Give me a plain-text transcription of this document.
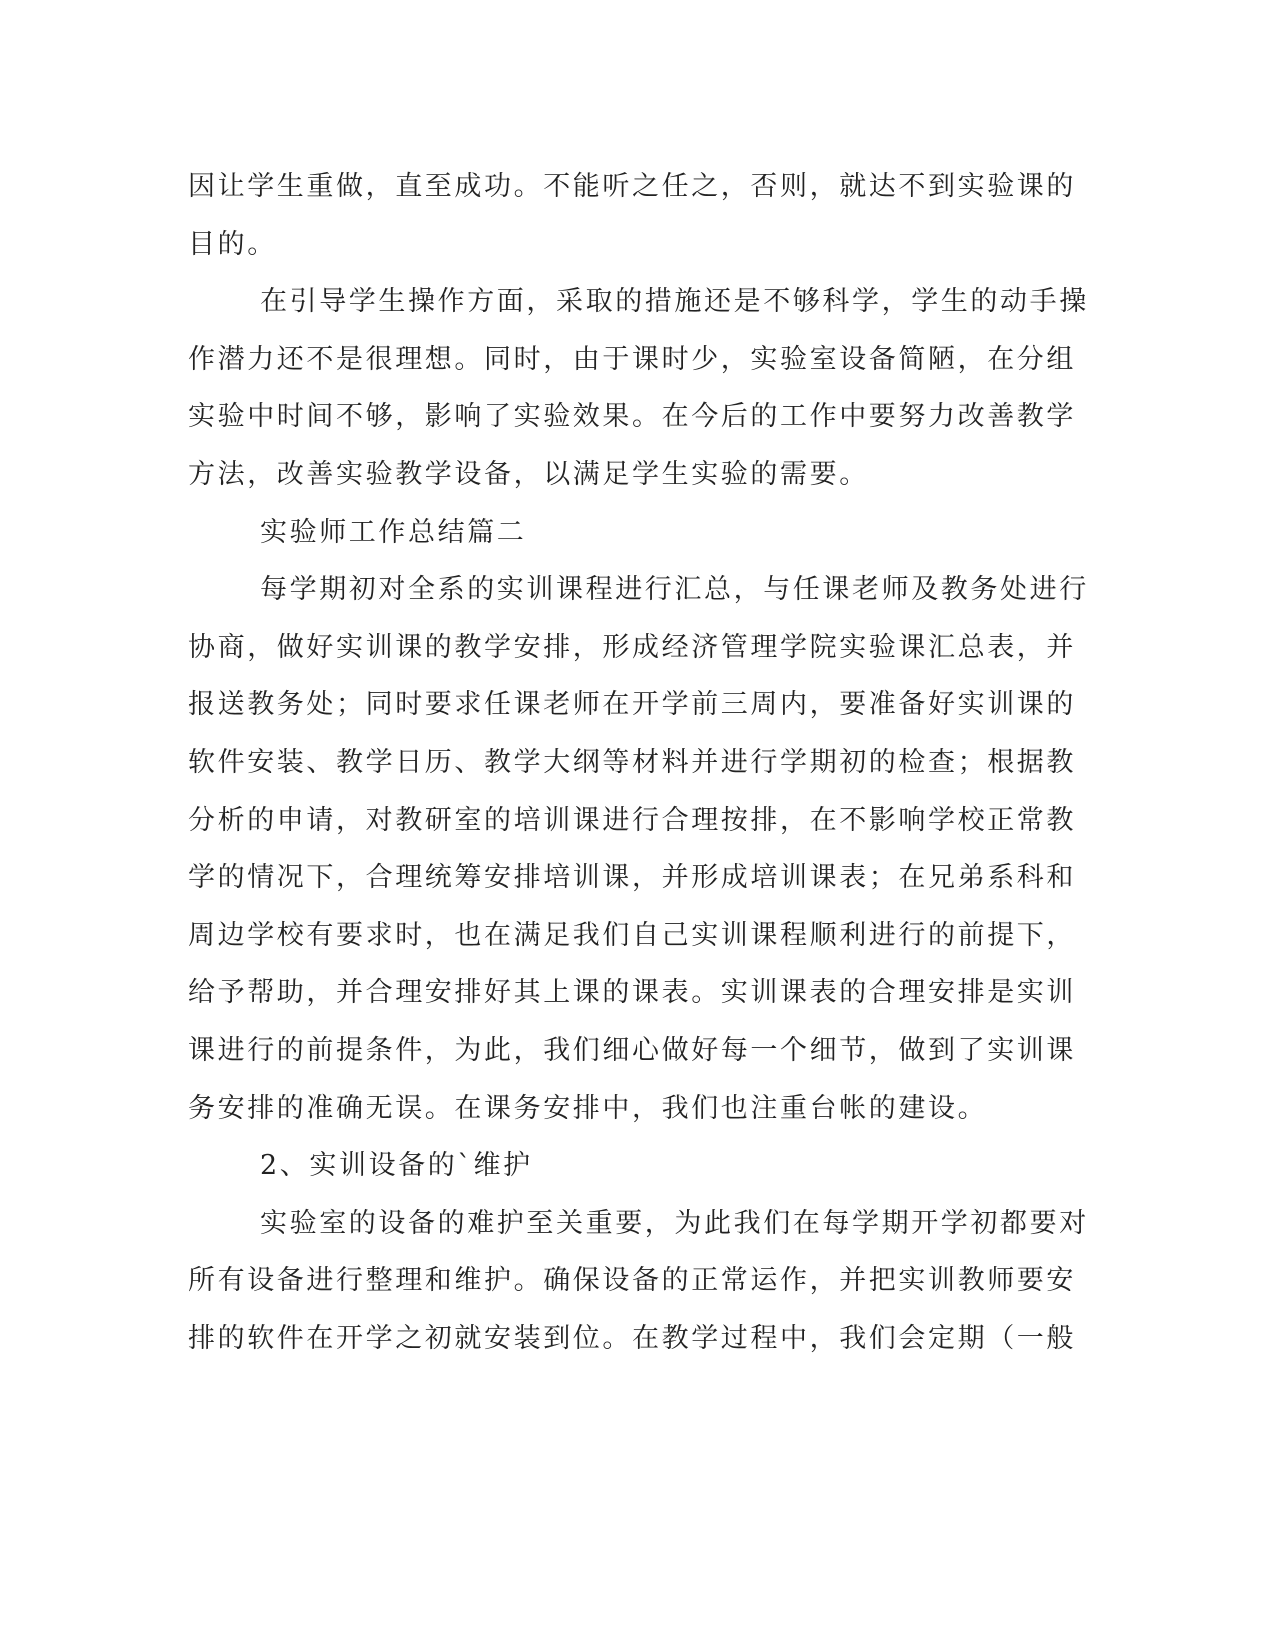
因让学生重做，直至成功。不能听之任之，否则，就达不到实验课的
目的。
在引导学生操作方面，采取的措施还是不够科学，学生的动手操
作潜力还不是很理想。同时，由于课时少，实验室设备简陋，在分组
实验中时间不够，影响了实验效果。在今后的工作中要努力改善教学
方法，改善实验教学设备，以满足学生实验的需要。
实验师工作总结篇二
每学期初对全系的实训课程进行汇总，与任课老师及教务处进行
协商，做好实训课的教学安排，形成经济管理学院实验课汇总表，并
报送教务处；同时要求任课老师在开学前三周内，要准备好实训课的
软件安装、教学日历、教学大纲等材料并进行学期初的检查；根据教
分析的申请，对教研室的培训课进行合理按排，在不影响学校正常教
学的情况下，合理统筹安排培训课，并形成培训课表；在兄弟系科和
周边学校有要求时，也在满足我们自己实训课程顺利进行的前提下，
给予帮助，并合理安排好其上课的课表。实训课表的合理安排是实训
课进行的前提条件，为此，我们细心做好每一个细节，做到了实训课
务安排的准确无误。在课务安排中，我们也注重台帐的建设。
2、实训设备的`维护
实验室的设备的难护至关重要，为此我们在每学期开学初都要对
所有设备进行整理和维护。确保设备的正常运作，并把实训教师要安
排的软件在开学之初就安装到位。在教学过程中，我们会定期（一般
